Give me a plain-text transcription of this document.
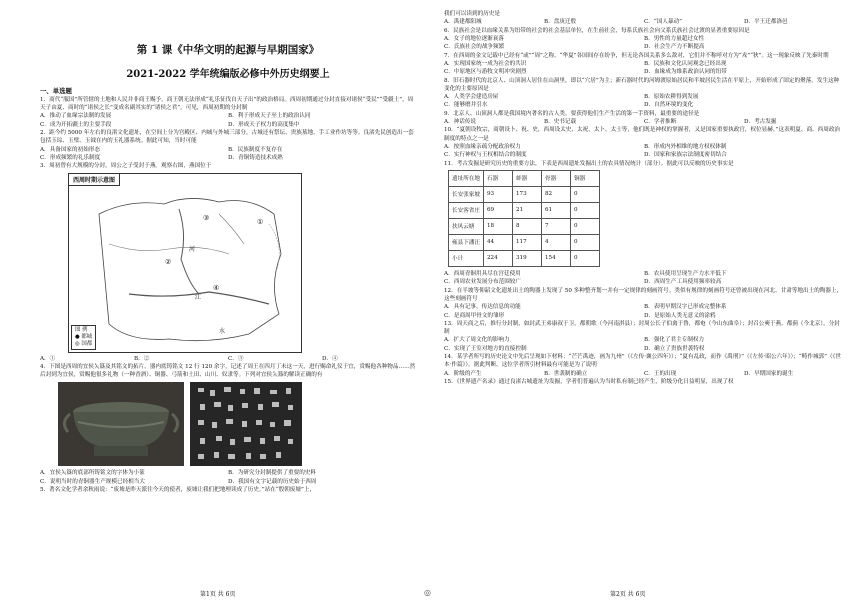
第 1 课《中华文明的起源与早期国家》
2021-2022 学年统编版必修中外历史纲要上
一、单选题

1．商代“服国”所管辖的土地和人民并非商王赐予，商王朝无法形成“礼乐征伐自天子出”的政治格局。西周初期通过分封直接对诸侯“受民”“受疆土”，周天子由夏、商时的“诸侯之长”变成名副其实的“诸侯之君”。可见，西周初期的分封制

A．推动了血缘宗法制的发展	B．利于形成天子至上的政治认同
C．成为开拓疆土的主要手段	D．形成天子权力的高度集中

2．距今约 5000 年左右的良渚文化遗址，在空间上分为宫殿区、内城与外城三部分，古城还有祭坛、贵族墓地、手工业作坊等等。良渚先民创造出一套包括玉琮、玉璧、玉钺在内的玉礼器系统。据此可知，当时可能

A．具备国家的初始形态	B．民族制度不复存在
C．形成频繁的礼乐制度	D．青铜铸造技术成熟

3．周初曾有大规模的分封，周公之子受封于燕。观察右图，燕国位于

西周时期示意图
河
江
水
①
②
③
④
图 例
● 都城
◎ 国都
A．①	B．②	C．③	D．④

4．下图是西周的宜侯夨簋及其铭文的拓片。器内底铸铭文 12 行 120 余字，记述了周王在四月丁未这一天，进行赐命礼仪于宜，赏赐他各种物品……然后封到为宜侯，赏赐他很多礼物（一种香酒）、铜器、弓箭和土田、山川、奴隶等。下列对宜侯夨簋的解读正确的有

A．宜侯夨簋的底部所铸铭文的字体为小篆	B．为研究分封制提供了重要的史料
C．说明当时的青铜器生产规模已经相当大	D．我国有文字记载的历史始于西周

5．著名文化学者余秋雨说：“废墟是昨天派往今天的使者，废墟让我们把地理读成了历史。”站在“殷朝废墟”上，

我们可以读到的历史是

A．禹建都阳城	B．盘庚迁殷	C．“国人暴动”	D．平王迁都洛邑

6．民族社会是以血缘关系为纽带的社会的社会基层单位，在生前社会，每系氏族社会向父系氏族社会过渡的显著重要原因是

A．女子的地位逐渐衰落	B．男性的力量超过女性
C．氏族社会的战争频繁	D．社会生产力不断提高

7．在西周的金文记载中已经有“或”“周”之称，“华夏”各国间存在纷争，但无论各国关系多么敌对，它们并不称呼对方为“戎”“狄”。这一现象反映了先秦时期

A．实现国家统一成为社会的共识	B．民族和文化认同观念已经出现
C．中原地区与游牧文明冲突剧烈	D．血缘成为维系政治认同的纽带

8．旧石器时代的北京人、山顶洞人居住在山洞里，即以“穴居”为主；新石器时代的河姆渡原始居民和半坡居民生活在平原上，开始形成了固定的聚落。发生这种变化的主要原因是

A．人类学会建造房屋	B．原始农耕得到发展
C．能够磨井引水	D．自然环境的变化

9．北京人、山顶洞人都是我国境内著名的古人类。要获得他们生产生活的第一手资料，最重要的途径是

A．神话传说	B．史书记载	C．学者推断	D．考古发掘

10．“夏朝设牧宗，商朝设卜、祝、史，西周设太史、太祝、太卜、太士等，他们既是神权的掌握者，又是国家重要执政官，权位显赫。”这表明夏、商、西周政治制度的特点之一是

A．按照血缘亲疏分配政治权力	B．形成内外相维的地方权权体制
C．实行神权与王权相结合的制度	D．国家和家族宗法制度密切结合

11．考古发掘是研究历史的重要方法，下表是西周遗址发掘出土的农具情况统计（部分）。据此可以反映的历史事实是

遗址所在地	石器	蚌器	骨器	铜器
长安张家坡	93	173	82	0
长安客省庄	69	21	61	0
扶风云塘	18	8	7	0
雍县下潘汪	44	117	4	0
小计	224	319	154	0
A．西周青铜用具尽在宫廷使用	B．农具使用呈现生产力水平低下
C．西周农业发展分布范围较广	D．西周生产工具使用频率较高

12．在半坡等仰韶文化遗址出土的陶器上发现了 50 多种整齐划一并有一定规律的刻画符号。类似有规律的刻画符号还曾被出现在河北、甘肃等地出土的陶器上，这些刻画符号

A．具有记事、传达信息的功能	B．表明早期汉字已形成完整体系
C．是商周甲骨文的雏形	D．是原始人类无意义的涂鸦

13．周天商之后，推行分封制，如封武王弟康叔于卫，都朝歌（今河南淇县）；封周公长子伯禽于鲁，都奄（今山东曲阜）；封召公奭于燕，都蓟（今北京）。分封制

A．扩大了周文化的影响力	B．强化了君主专制权力
C．实现了王室对地方的直接控制	D．确立了贵族世袭特权

14．某学者所写的历史论文中先后呈现如下材料：“芒芒禹迹，画为九州”（《左传·襄公四年》）；“夏有乱政，而作《禹刑》”（《左传·昭公六年》）；“畴作城郭”（《世本·作篇》）。据此判断，这位学者所引材料最有可能是为了说明

A．阶级的产生	B．世袭制的确立	C．王的出现	D．早期国家的诞生

15．《世界遗产名录》通过良渚古城遗址为发掘，学者们普遍认为当时私有制已经产生，阶级分化日益明显，出现了权

第1页 共 6页	◎	第2页 共 6页
